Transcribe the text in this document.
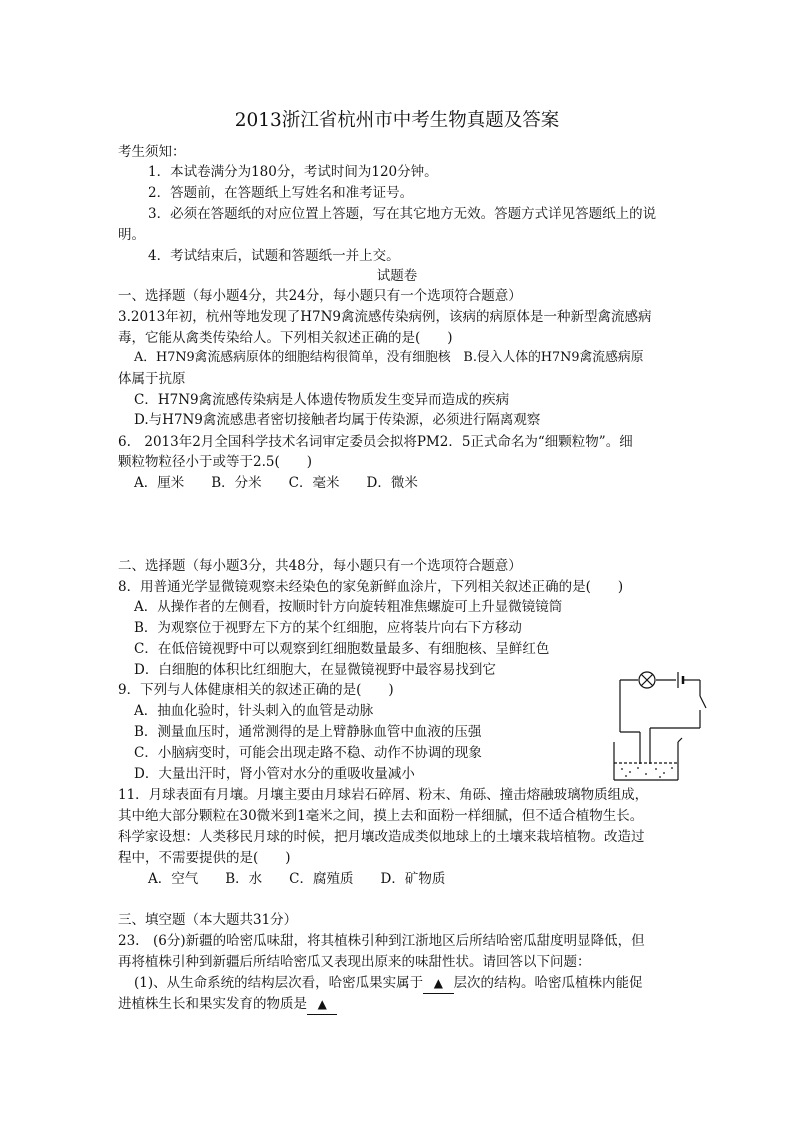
2013浙江省杭州市中考生物真题及答案
考生须知：
1．本试卷满分为180分，考试时间为120分钟。
2．答题前，在答题纸上写姓名和准考证号。
3．必须在答题纸的对应位置上答题，写在其它地方无效。答题方式详见答题纸上的说
明。
4．考试结束后，试题和答题纸一并上交。
试题卷
一、选择题（每小题4分，共24分，每小题只有一个选项符合题意）
3.2013年初，杭州等地发现了H7N9禽流感传染病例，该病的病原体是一种新型禽流感病
毒，它能从禽类传染给人。下列相关叙述正确的是(　　)
A．H7N9禽流感病原体的细胞结构很简单，没有细胞核　B.侵入人体的H7N9禽流感病原
体属于抗原
C．H7N9禽流感传染病是人体遗传物质发生变异而造成的疾病
D.与H7N9禽流感患者密切接触者均属于传染源，必须进行隔离观察
6.　2013年2月全国科学技术名词审定委员会拟将PM2．5正式命名为“细颗粒物”。细
颗粒物粒径小于或等于2.5(　　)
A．厘米　　B．分米　　C．毫米　　D．微米
二、选择题（每小题3分，共48分，每小题只有一个选项符合题意）
8．用普通光学显微镜观察未经染色的家兔新鲜血涂片，下列相关叙述正确的是(　　)
A．从操作者的左侧看，按顺时针方向旋转粗准焦螺旋可上升显微镜镜筒
B．为观察位于视野左下方的某个红细胞，应将装片向右下方移动
C．在低倍镜视野中可以观察到红细胞数量最多、有细胞核、呈鲜红色
D．白细胞的体积比红细胞大，在显微镜视野中最容易找到它
9．下列与人体健康相关的叙述正确的是(　　)
A．抽血化验时，针头刺入的血管是动脉
B．测量血压时，通常测得的是上臂静脉血管中血液的压强
C．小脑病变时，可能会出现走路不稳、动作不协调的现象
D．大量出汗时，肾小管对水分的重吸收量减小
11．月球表面有月壤。月壤主要由月球岩石碎屑、粉末、角砾、撞击熔融玻璃物质组成，
其中绝大部分颗粒在30微米到1毫米之间，摸上去和面粉一样细腻，但不适合植物生长。
科学家设想：人类移民月球的时候，把月壤改造成类似地球上的土壤来栽培植物。改造过
程中，不需要提供的是(　　)
A．空气　　B．水　　C．腐殖质　　D．矿物质
三、填空题（本大题共31分）
23.　(6分)新疆的哈密瓜味甜，将其植株引种到江浙地区后所结哈密瓜甜度明显降低，但
再将植株引种到新疆后所结哈密瓜又表现出原来的味甜性状。请回答以下问题：
(1)、从生命系统的结构层次看，哈密瓜果实属于 ▲ 层次的结构。哈密瓜植株内能促
进植株生长和果实发育的物质是 ▲
